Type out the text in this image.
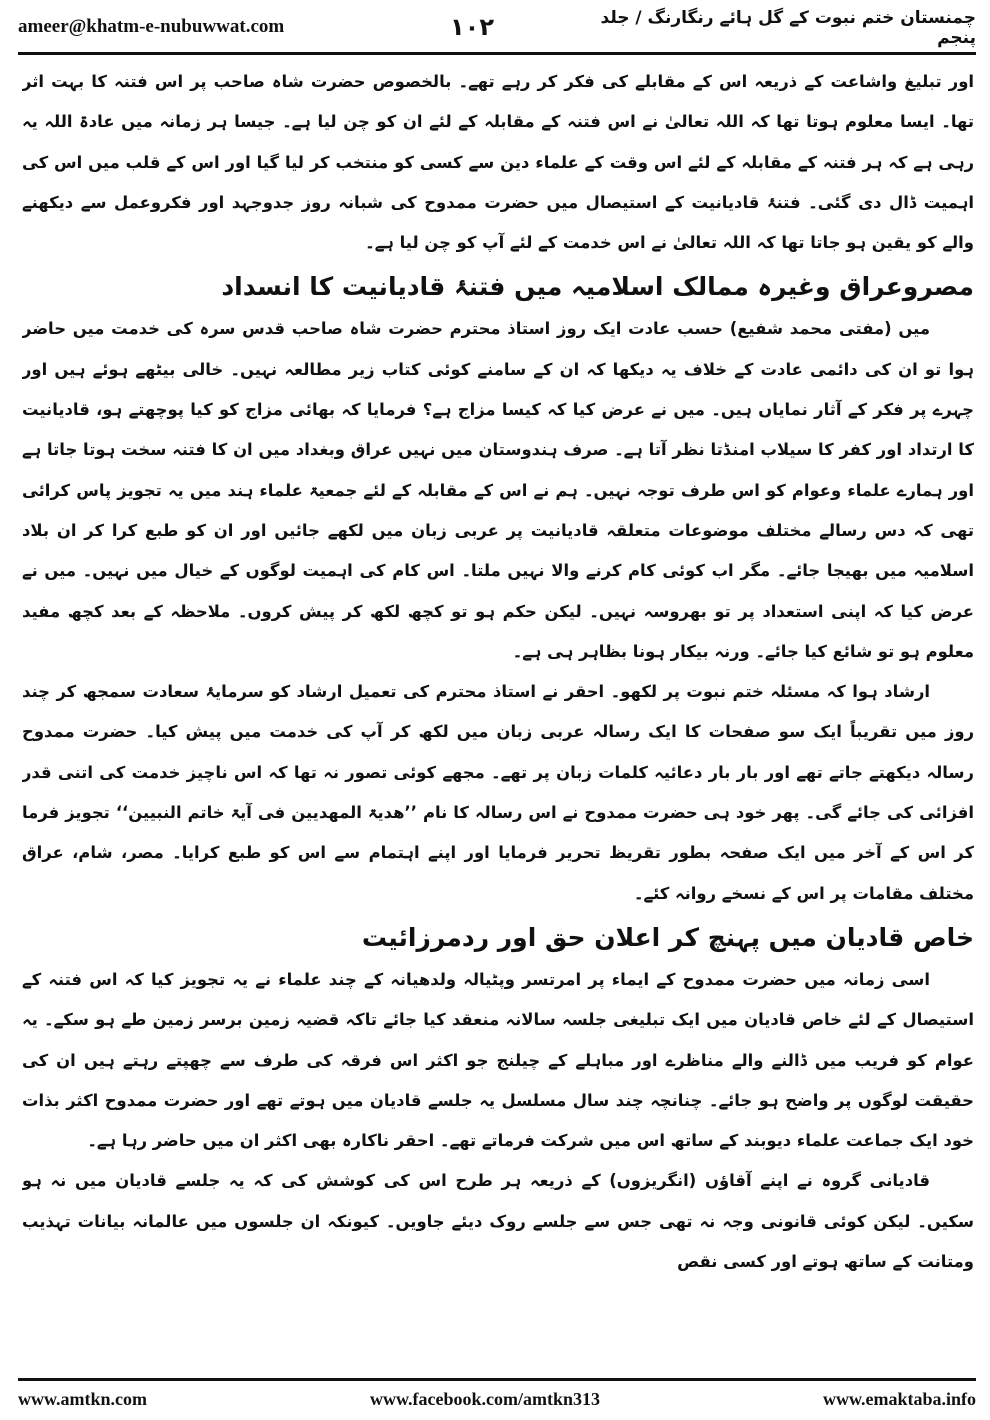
ameer@khatm-e-nubuwwat.com	۱۰۲	چمنستان ختم نبوت کے گل ہائے رنگارنگ / جلد پنجم

اور تبلیغ واشاعت کے ذریعہ اس کے مقابلے کی فکر کر رہے تھے۔ بالخصوص حضرت شاہ صاحب پر اس فتنہ کا بہت اثر تھا۔ ایسا معلوم ہوتا تھا کہ اللہ تعالیٰ نے اس فتنہ کے مقابلہ کے لئے ان کو چن لیا ہے۔ جیسا ہر زمانہ میں عادۃ اللہ یہ رہی ہے کہ ہر فتنہ کے مقابلہ کے لئے اس وقت کے علماء دین سے کسی کو منتخب کر لیا گیا اور اس کے قلب میں اس کی اہمیت ڈال دی گئی۔ فتنۂ قادیانیت کے استیصال میں حضرت ممدوح کی شبانہ روز جدوجہد اور فکروعمل سے دیکھنے والے کو یقین ہو جاتا تھا کہ اللہ تعالیٰ نے اس خدمت کے لئے آپ کو چن لیا ہے۔

مصروعراق وغیرہ ممالک اسلامیہ میں فتنۂ قادیانیت کا انسداد

میں (مفتی محمد شفیع) حسب عادت ایک روز استاذ محترم حضرت شاہ صاحب قدس سرہ کی خدمت میں حاضر ہوا تو ان کی دائمی عادت کے خلاف یہ دیکھا کہ ان کے سامنے کوئی کتاب زیر مطالعہ نہیں۔ خالی بیٹھے ہوئے ہیں اور چہرے پر فکر کے آثار نمایاں ہیں۔ میں نے عرض کیا کہ کیسا مزاج ہے؟ فرمایا کہ بھائی مزاج کو کیا پوچھتے ہو، قادیانیت کا ارتداد اور کفر کا سیلاب امنڈتا نظر آتا ہے۔ صرف ہندوستان میں نہیں عراق وبغداد میں ان کا فتنہ سخت ہوتا جاتا ہے اور ہمارے علماء وعوام کو اس طرف توجہ نہیں۔ ہم نے اس کے مقابلہ کے لئے جمعیۃ علماء ہند میں یہ تجویز پاس کرائی تھی کہ دس رسالے مختلف موضوعات متعلقہ قادیانیت پر عربی زبان میں لکھے جائیں اور ان کو طبع کرا کر ان بلاد اسلامیہ میں بھیجا جائے۔ مگر اب کوئی کام کرنے والا نہیں ملتا۔ اس کام کی اہمیت لوگوں کے خیال میں نہیں۔ میں نے عرض کیا کہ اپنی استعداد پر تو بھروسہ نہیں۔ لیکن حکم ہو تو کچھ لکھ کر پیش کروں۔ ملاحظہ کے بعد کچھ مفید معلوم ہو تو شائع کیا جائے۔ ورنہ بیکار ہونا بظاہر ہی ہے۔

ارشاد ہوا کہ مسئلہ ختم نبوت پر لکھو۔ احقر نے استاذ محترم کی تعمیل ارشاد کو سرمایۂ سعادت سمجھ کر چند روز میں تقریباً ایک سو صفحات کا ایک رسالہ عربی زبان میں لکھ کر آپ کی خدمت میں پیش کیا۔ حضرت ممدوح رسالہ دیکھتے جاتے تھے اور بار بار دعائیہ کلمات زبان پر تھے۔ مجھے کوئی تصور نہ تھا کہ اس ناچیز خدمت کی اتنی قدر افزائی کی جائے گی۔ پھر خود ہی حضرت ممدوح نے اس رسالہ کا نام ’’ھدیۃ المھدیین فی آیۃ خاتم النبیین‘‘ تجویز فرما کر اس کے آخر میں ایک صفحہ بطور تقریظ تحریر فرمایا اور اپنے اہتمام سے اس کو طبع کرایا۔ مصر، شام، عراق مختلف مقامات پر اس کے نسخے روانہ کئے۔

خاص قادیان میں پہنچ کر اعلان حق اور ردمرزائیت

اسی زمانہ میں حضرت ممدوح کے ایماء پر امرتسر وپٹیالہ ولدھیانہ کے چند علماء نے یہ تجویز کیا کہ اس فتنہ کے استیصال کے لئے خاص قادیان میں ایک تبلیغی جلسہ سالانہ منعقد کیا جائے تاکہ قضیہ زمین برسر زمین طے ہو سکے۔ یہ عوام کو فریب میں ڈالنے والے مناظرے اور مباہلے کے چیلنج جو اکثر اس فرقہ کی طرف سے چھپتے رہتے ہیں ان کی حقیقت لوگوں پر واضح ہو جائے۔ چنانچہ چند سال مسلسل یہ جلسے قادیان میں ہوتے تھے اور حضرت ممدوح اکثر بذات خود ایک جماعت علماء دیوبند کے ساتھ اس میں شرکت فرماتے تھے۔ احقر ناکارہ بھی اکثر ان میں حاضر رہا ہے۔

قادیانی گروہ نے اپنے آقاؤں (انگریزوں) کے ذریعہ ہر طرح اس کی کوشش کی کہ یہ جلسے قادیان میں نہ ہو سکیں۔ لیکن کوئی قانونی وجہ نہ تھی جس سے جلسے روک دیئے جاویں۔ کیونکہ ان جلسوں میں عالمانہ بیانات تہذیب ومتانت کے ساتھ ہوتے اور کسی نقص

www.amtkn.com	www.facebook.com/amtkn313	www.emaktaba.info
